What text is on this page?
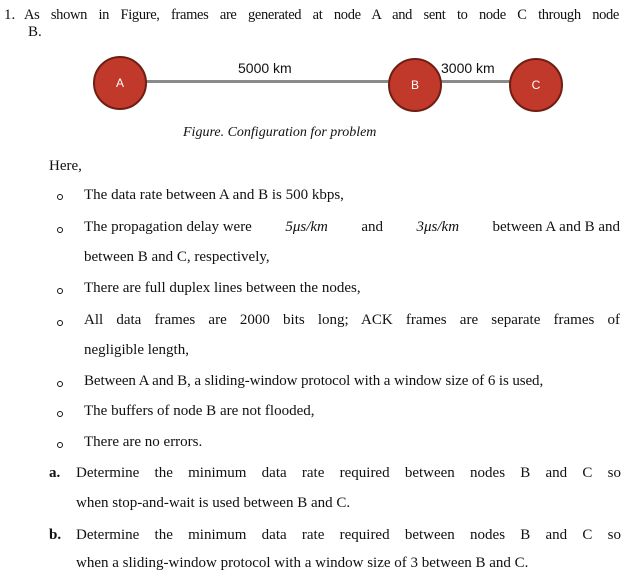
1. As shown in Figure, frames are generated at node A and sent to node C through node
B.
A	B	C
5000 km	3000 km
Figure. Configuration for problem
Here,
The data rate between A and B is 500 kbps,
The propagation delay were 5μs/km and 3μs/km between A and B and
between B and C, respectively,
There are full duplex lines between the nodes,
All data frames are 2000 bits long; ACK frames are separate frames of
negligible length,
Between A and B, a sliding-window protocol with a window size of 6 is used,
The buffers of node B are not flooded,
There are no errors.
a. Determine the minimum data rate required between nodes B and C so
when stop-and-wait is used between B and C.
b. Determine the minimum data rate required between nodes B and C so
when a sliding-window protocol with a window size of 3 between B and C.
